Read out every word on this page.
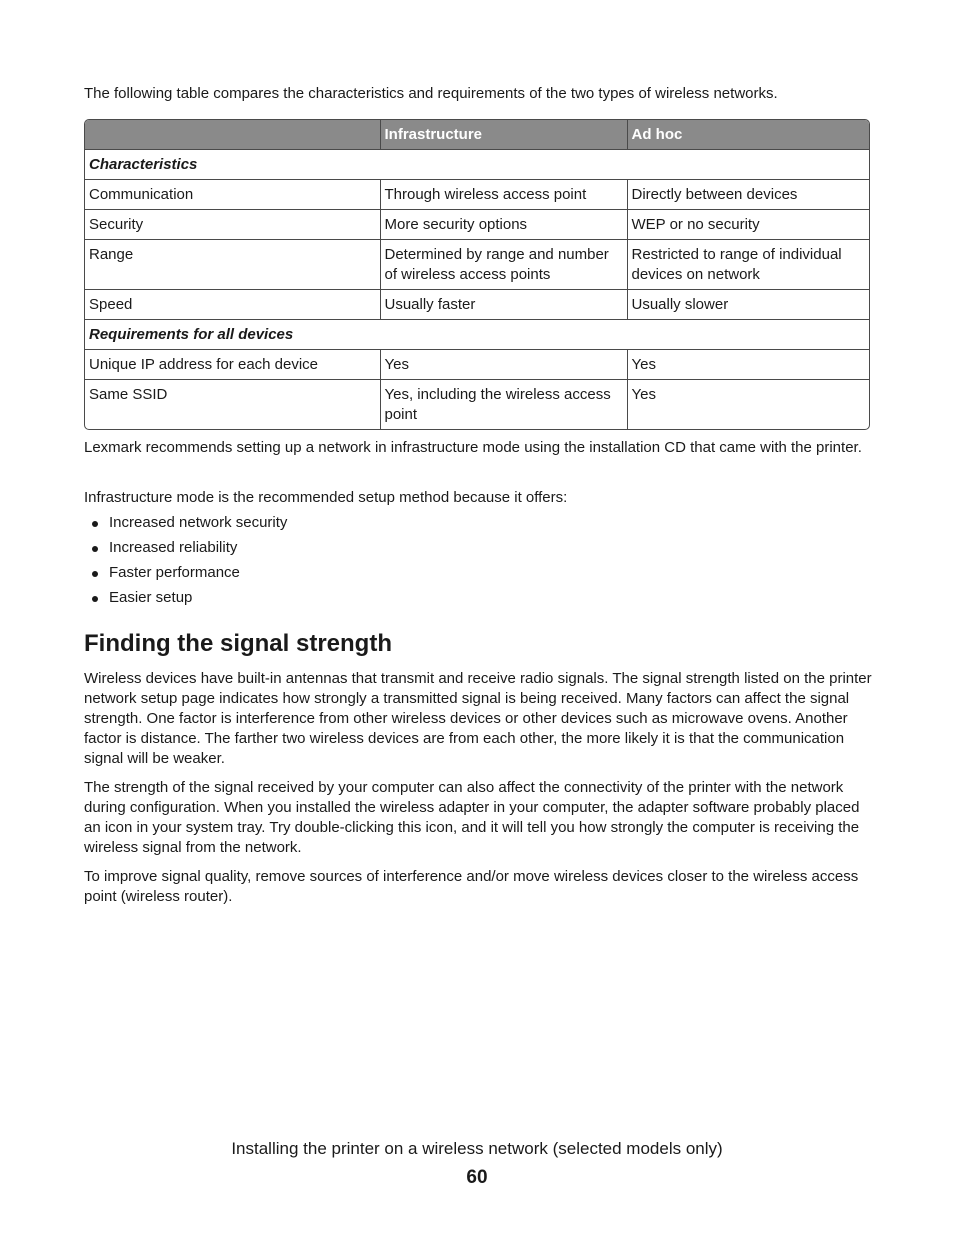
The following table compares the characteristics and requirements of the two types of wireless networks.

	Infrastructure	Ad hoc
Characteristics		
Communication	Through wireless access point	Directly between devices
Security	More security options	WEP or no security
Range	Determined by range and number of wireless access points	Restricted to range of individual devices on network
Speed	Usually faster	Usually slower
Requirements for all devices		
Unique IP address for each device	Yes	Yes
Same SSID	Yes, including the wireless access point	Yes

Lexmark recommends setting up a network in infrastructure mode using the installation CD that came with the printer.

Infrastructure mode is the recommended setup method because it offers:

Increased network security
Increased reliability
Faster performance
Easier setup
Finding the signal strength

Wireless devices have built-in antennas that transmit and receive radio signals. The signal strength listed on the printer network setup page indicates how strongly a transmitted signal is being received. Many factors can affect the signal strength. One factor is interference from other wireless devices or other devices such as microwave ovens. Another factor is distance. The farther two wireless devices are from each other, the more likely it is that the communication signal will be weaker.

The strength of the signal received by your computer can also affect the connectivity of the printer with the network during configuration. When you installed the wireless adapter in your computer, the adapter software probably placed an icon in your system tray. Try double-clicking this icon, and it will tell you how strongly the computer is receiving the wireless signal from the network.

To improve signal quality, remove sources of interference and/or move wireless devices closer to the wireless access point (wireless router).

Installing the printer on a wireless network (selected models only)
60
